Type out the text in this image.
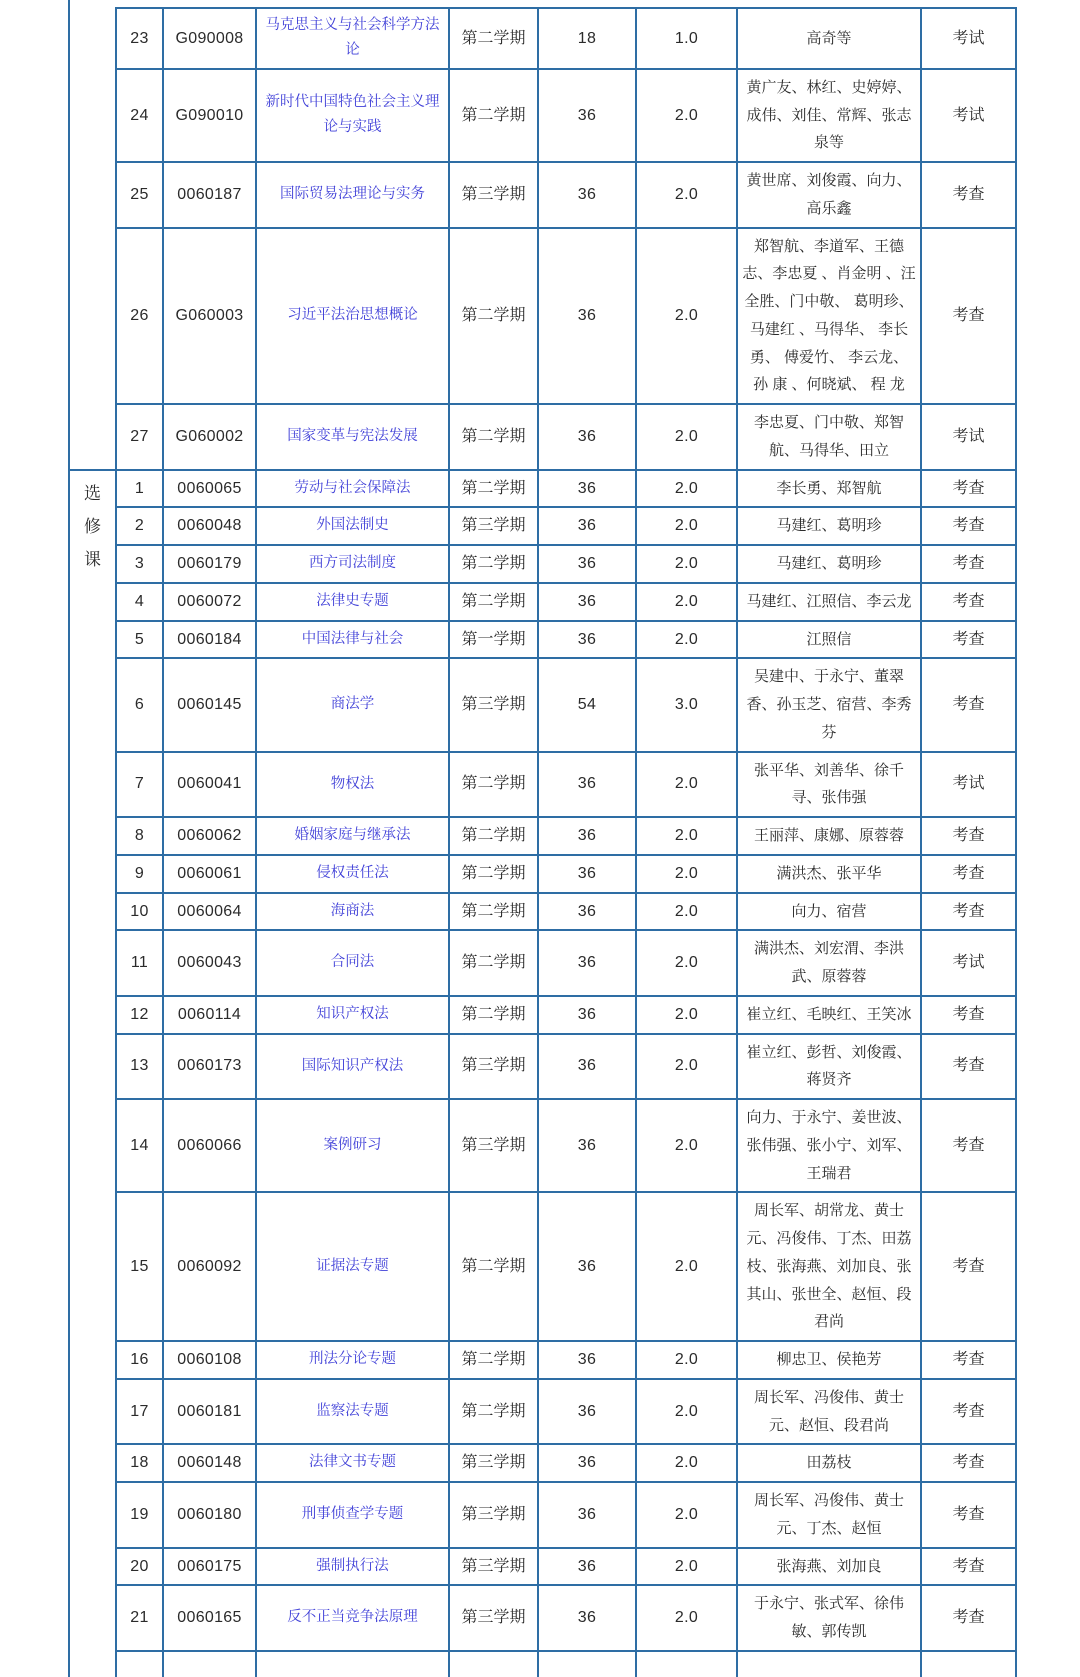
	23	G090008	马克思主义与社会科学方法论	第二学期	18	1.0	高奇等	考试
	24	G090010	新时代中国特色社会主义理论与实践	第二学期	36	2.0	黄广友、林红、史婷婷、成伟、刘佳、常辉、张志泉等	考试
	25	0060187	国际贸易法理论与实务	第三学期	36	2.0	黄世席、刘俊霞、向力、高乐鑫	考查
	26	G060003	习近平法治思想概论	第二学期	36	2.0	郑智航、李道军、王德志、李忠夏 、肖金明 、汪全胜、门中敬、 葛明珍、 马建红 、马得华、 李长勇、 傅爱竹、 李云龙、 孙 康 、何晓斌、 程 龙	考查
	27	G060002	国家变革与宪法发展	第二学期	36	2.0	李忠夏、门中敬、郑智航、马得华、田立	考试

选
修
课	1	0060065	劳动与社会保障法	第二学期	36	2.0	李长勇、郑智航	考查
	2	0060048	外国法制史	第三学期	36	2.0	马建红、葛明珍	考查
	3	0060179	西方司法制度	第二学期	36	2.0	马建红、葛明珍	考查
	4	0060072	法律史专题	第二学期	36	2.0	马建红、江照信、李云龙	考查
	5	0060184	中国法律与社会	第一学期	36	2.0	江照信	考查
	6	0060145	商法学	第三学期	54	3.0	吴建中、于永宁、董翠香、孙玉芝、宿营、李秀芬	考查
	7	0060041	物权法	第二学期	36	2.0	张平华、刘善华、徐千寻、张伟强	考试
	8	0060062	婚姻家庭与继承法	第二学期	36	2.0	王丽萍、康娜、原蓉蓉	考查
	9	0060061	侵权责任法	第二学期	36	2.0	满洪杰、张平华	考查
	10	0060064	海商法	第二学期	36	2.0	向力、宿营	考查
	11	0060043	合同法	第二学期	36	2.0	满洪杰、刘宏渭、李洪武、原蓉蓉	考试
	12	0060114	知识产权法	第二学期	36	2.0	崔立红、毛映红、王笑冰	考查
	13	0060173	国际知识产权法	第三学期	36	2.0	崔立红、彭哲、刘俊霞、蒋贤齐	考查
	14	0060066	案例研习	第三学期	36	2.0	向力、于永宁、姜世波、张伟强、张小宁、刘军、王瑞君	考查
	15	0060092	证据法专题	第二学期	36	2.0	周长军、胡常龙、黄士元、冯俊伟、丁杰、田荔枝、张海燕、刘加良、张其山、张世全、赵恒、段君尚	考查
	16	0060108	刑法分论专题	第二学期	36	2.0	柳忠卫、侯艳芳	考查
	17	0060181	监察法专题	第二学期	36	2.0	周长军、冯俊伟、黄士元、赵恒、段君尚	考查
	18	0060148	法律文书专题	第三学期	36	2.0	田荔枝	考查
	19	0060180	刑事侦查学专题	第三学期	36	2.0	周长军、冯俊伟、黄士元、丁杰、赵恒	考查
	20	0060175	强制执行法	第三学期	36	2.0	张海燕、刘加良	考查
	21	0060165	反不正当竞争法原理	第三学期	36	2.0	于永宁、张式军、徐伟敏、郭传凯	考查
